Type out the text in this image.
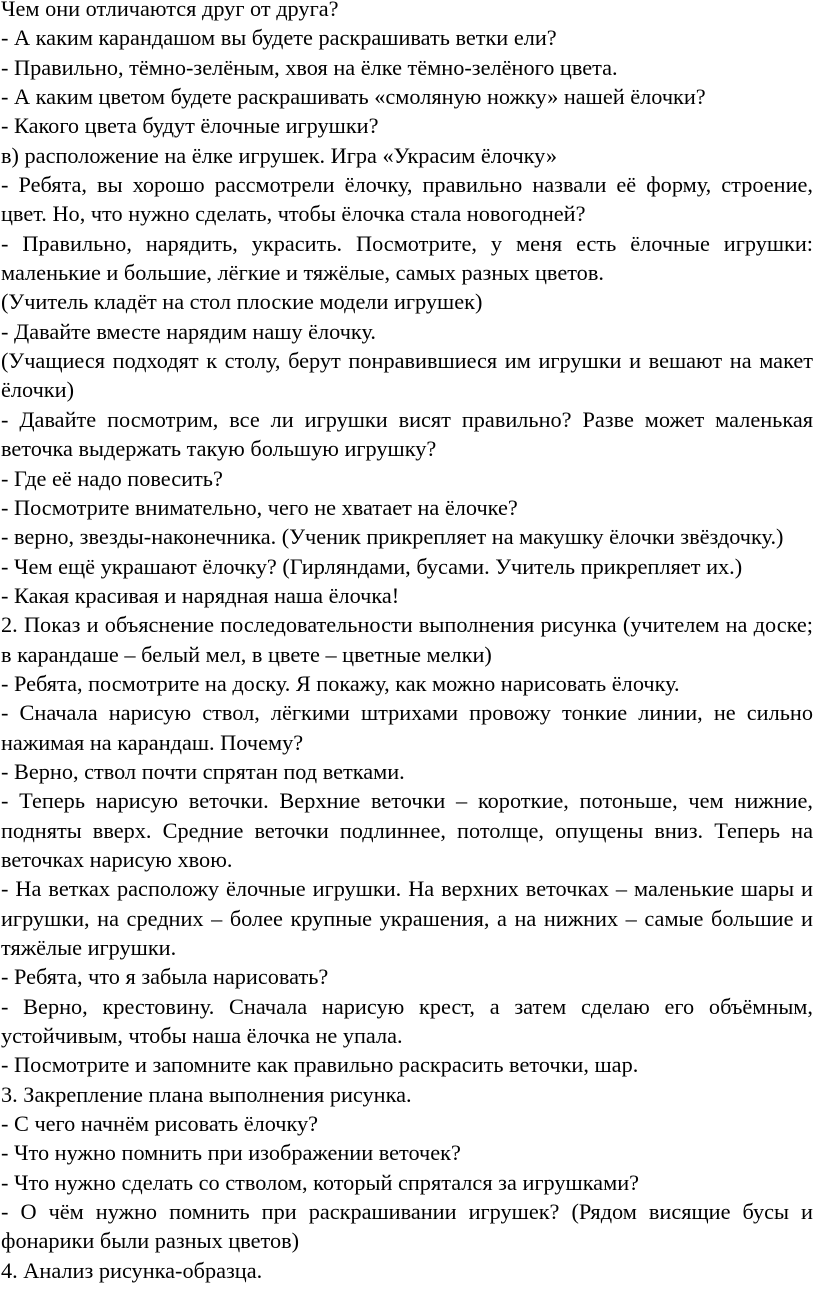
Чем они отличаются друг от друга?

- А каким карандашом вы будете раскрашивать ветки ели?

- Правильно, тёмно-зелёным, хвоя на ёлке тёмно-зелёного цвета.

- А каким цветом будете раскрашивать «смоляную ножку» нашей ёлочки?

- Какого цвета будут ёлочные игрушки?

в) расположение на ёлке игрушек. Игра «Украсим ёлочку»

- Ребята, вы хорошо рассмотрели ёлочку, правильно назвали её форму, строение, цвет. Но, что нужно сделать, чтобы ёлочка стала новогодней?

- Правильно, нарядить, украсить. Посмотрите, у меня есть ёлочные игрушки: маленькие и большие, лёгкие и тяжёлые, самых разных цветов.

(Учитель кладёт на стол плоские модели игрушек)

- Давайте вместе нарядим нашу ёлочку.

(Учащиеся подходят к столу, берут понравившиеся им игрушки и вешают на макет ёлочки)

- Давайте посмотрим, все ли игрушки висят правильно? Разве может маленькая веточка выдержать такую большую игрушку?

- Где её надо повесить?

- Посмотрите внимательно, чего не хватает на ёлочке?

- верно, звезды-наконечника. (Ученик прикрепляет на макушку ёлочки звёздочку.)

- Чем ещё украшают ёлочку? (Гирляндами, бусами. Учитель прикрепляет их.)

- Какая красивая и нарядная наша ёлочка!

2. Показ и объяснение последовательности выполнения рисунка (учителем на доске; в карандаше – белый мел, в цвете – цветные мелки)

- Ребята, посмотрите на доску. Я покажу, как можно нарисовать ёлочку.

- Сначала нарисую ствол, лёгкими штрихами провожу тонкие линии, не сильно нажимая на карандаш. Почему?

- Верно, ствол почти спрятан под ветками.

- Теперь нарисую веточки. Верхние веточки – короткие, потоньше, чем нижние, подняты вверх. Средние веточки подлиннее, потолще, опущены вниз. Теперь на веточках нарисую хвою.

- На ветках расположу ёлочные игрушки. На верхних веточках – маленькие шары и игрушки, на средних – более крупные украшения, а на нижних – самые большие и тяжёлые игрушки.

- Ребята, что я забыла нарисовать?

- Верно, крестовину. Сначала нарисую крест, а затем сделаю его объёмным, устойчивым, чтобы наша ёлочка не упала.

- Посмотрите и запомните как правильно раскрасить веточки, шар.

3. Закрепление плана выполнения рисунка.

- С чего начнём рисовать ёлочку?

- Что нужно помнить при изображении веточек?

- Что нужно сделать со стволом, который спрятался за игрушками?

- О чём нужно помнить при раскрашивании игрушек? (Рядом висящие бусы и фонарики были разных цветов)

4. Анализ рисунка-образца.
